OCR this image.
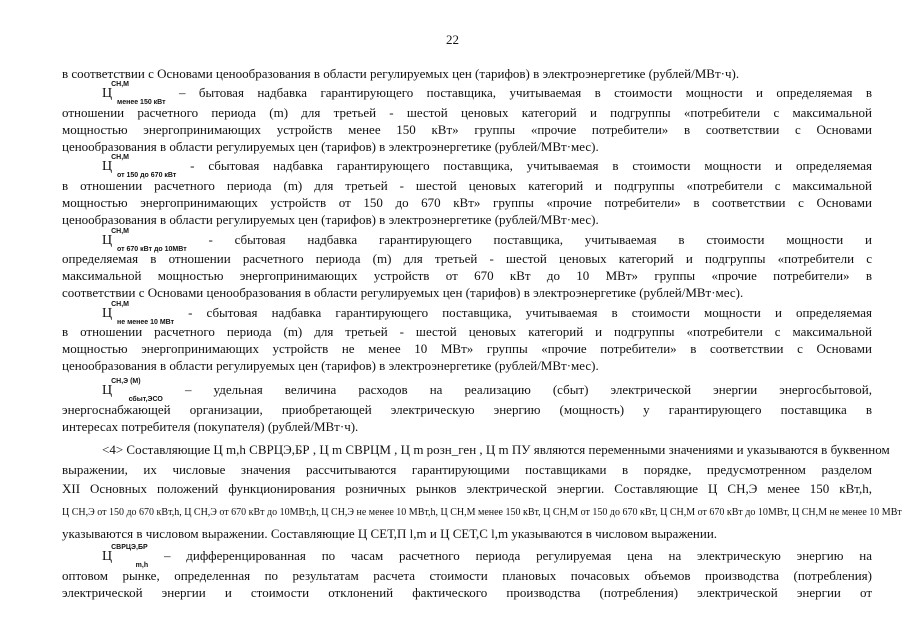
22
в соответствии с Основами ценообразования в области регулируемых цен (тарифов) в электроэнергетике (рублей/МВт·ч).
$Ц^{СН,М}_{менее 150 кВт}$ – бытовая надбавка гарантирующего поставщика, учитываемая в стоимости мощности и определяемая в
отношении расчетного периода (m) для третьей - шестой ценовых категорий и подгруппы «потребители с максимальной
мощностью энергопринимающих устройств менее 150 кВт» группы «прочие потребители» в соответствии с Основами
ценообразования в области регулируемых цен (тарифов) в электроэнергетике (рублей/МВт·мес).
$Ц^{СН,М}_{от 150 до 670 кВт}$ - сбытовая надбавка гарантирующего поставщика, учитываемая в стоимости мощности и определяемая
в отношении расчетного периода (m) для третьей - шестой ценовых категорий и подгруппы «потребители с максимальной
мощностью энергопринимающих устройств от 150 до 670 кВт» группы «прочие потребители» в соответствии с Основами
ценообразования в области регулируемых цен (тарифов) в электроэнергетике (рублей/МВт·мес).
$Ц^{СН,М}_{от 670 кВт до 10МВт}$ - сбытовая надбавка гарантирующего поставщика, учитываемая в стоимости мощности и
определяемая в отношении расчетного периода (m) для третьей - шестой ценовых категорий и подгруппы «потребители с
максимальной мощностью энергопринимающих устройств от 670 кВт до 10 МВт» группы «прочие потребители» в
соответствии с Основами ценообразования в области регулируемых цен (тарифов) в электроэнергетике (рублей/МВт·мес).
$Ц^{СН,М}_{не менее 10 МВт}$ - сбытовая надбавка гарантирующего поставщика, учитываемая в стоимости мощности и определяемая
в отношении расчетного периода (m) для третьей - шестой ценовых категорий и подгруппы «потребители с максимальной
мощностью энергопринимающих устройств не менее 10 МВт» группы «прочие потребители» в соответствии с Основами
ценообразования в области регулируемых цен (тарифов) в электроэнергетике (рублей/МВт·мес).
$Ц^{СН,Э (М)}_{сбыт,ЭСО}$ – удельная величина расходов на реализацию (сбыт) электрической энергии энергосбытовой,
энергоснабжающей организации, приобретающей электрическую энергию (мощность) у гарантирующего поставщика в
интересах потребителя (покупателя) (рублей/МВт·ч).
<4> Составляющие Ц m,h СВРЦЭ,БР , Ц m СВРЦМ , Ц m розн_ген , Ц m ПУ являются переменными значениями и указываются в буквенном
выражении, их числовые значения рассчитываются гарантирующими поставщиками в порядке, предусмотренном разделом
XII Основных положений функционирования розничных рынков электрической энергии. Составляющие Ц СН,Э менее 150 кВт,h,
Ц СН,Э от 150 до 670 кВт,h, Ц СН,Э от 670 кВт до 10МВт,h, Ц СН,Э не менее 10 МВт,h, Ц СН,М менее 150 кВт, Ц СН,М от 150 до 670 кВт, Ц СН,М от 670 кВт до 10МВт, Ц СН,М не менее 10 МВт
указываются в числовом выражении. Составляющие Ц СЕТ,П l,m и Ц СЕТ,С l,m указываются в числовом выражении.
$Ц^{СВРЦЭ,БР}_{m,h}$ – дифференцированная по часам расчетного периода регулируемая цена на электрическую энергию на
оптовом рынке, определенная по результатам расчета стоимости плановых почасовых объемов производства (потребления)
электрической энергии и стоимости отклонений фактического производства (потребления) электрической энергии от
